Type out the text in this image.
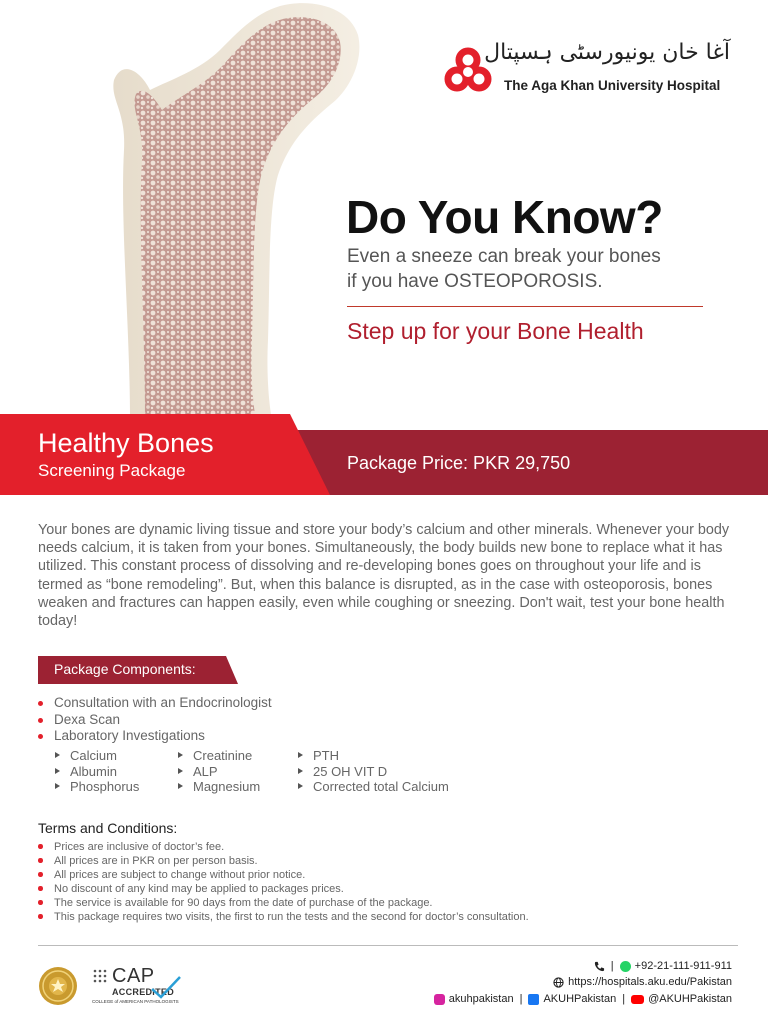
آغا خان یونیورسٹی ہسپتال
The Aga Khan University Hospital
Do You Know?
Even a sneeze can break your bones
if you have OSTEOPOROSIS.
Step up for your Bone Health
Healthy Bones
Screening Package	Package Price: PKR 29,750
Your bones are dynamic living tissue and store your body’s calcium and other minerals. Whenever your body needs calcium, it is taken from your bones. Simultaneously, the body builds new bone to replace what it has utilized. This constant process of dissolving and re-developing bones goes on throughout your life and is termed as “bone remodeling”. But, when this balance is disrupted, as in the case with osteoporosis, bones weaken and fractures can happen easily, even while coughing or sneezing. Don't wait, test your bone health today!
Package Components:
Consultation with an Endocrinologist
Dexa Scan
Laboratory Investigations
Calcium
Albumin
Phosphorus
Creatinine
ALP
Magnesium
PTH
25 OH VIT D
Corrected total Calcium
Terms and Conditions:
Prices are inclusive of doctor’s fee.
All prices are in PKR on per person basis.
All prices are subject to change without prior notice.
No discount of any kind may be applied to packages prices.
The service is available for 90 days from the date of purchase of the package.
This package requires two visits, the first to run the tests and the second for doctor’s consultation.
CAP
ACCREDITED
COLLEGE of AMERICAN PATHOLOGISTS
| +92-21-111-911-911
https://hospitals.aku.edu/Pakistan
akuhpakistan | AKUHPakistan | @AKUHPakistan
